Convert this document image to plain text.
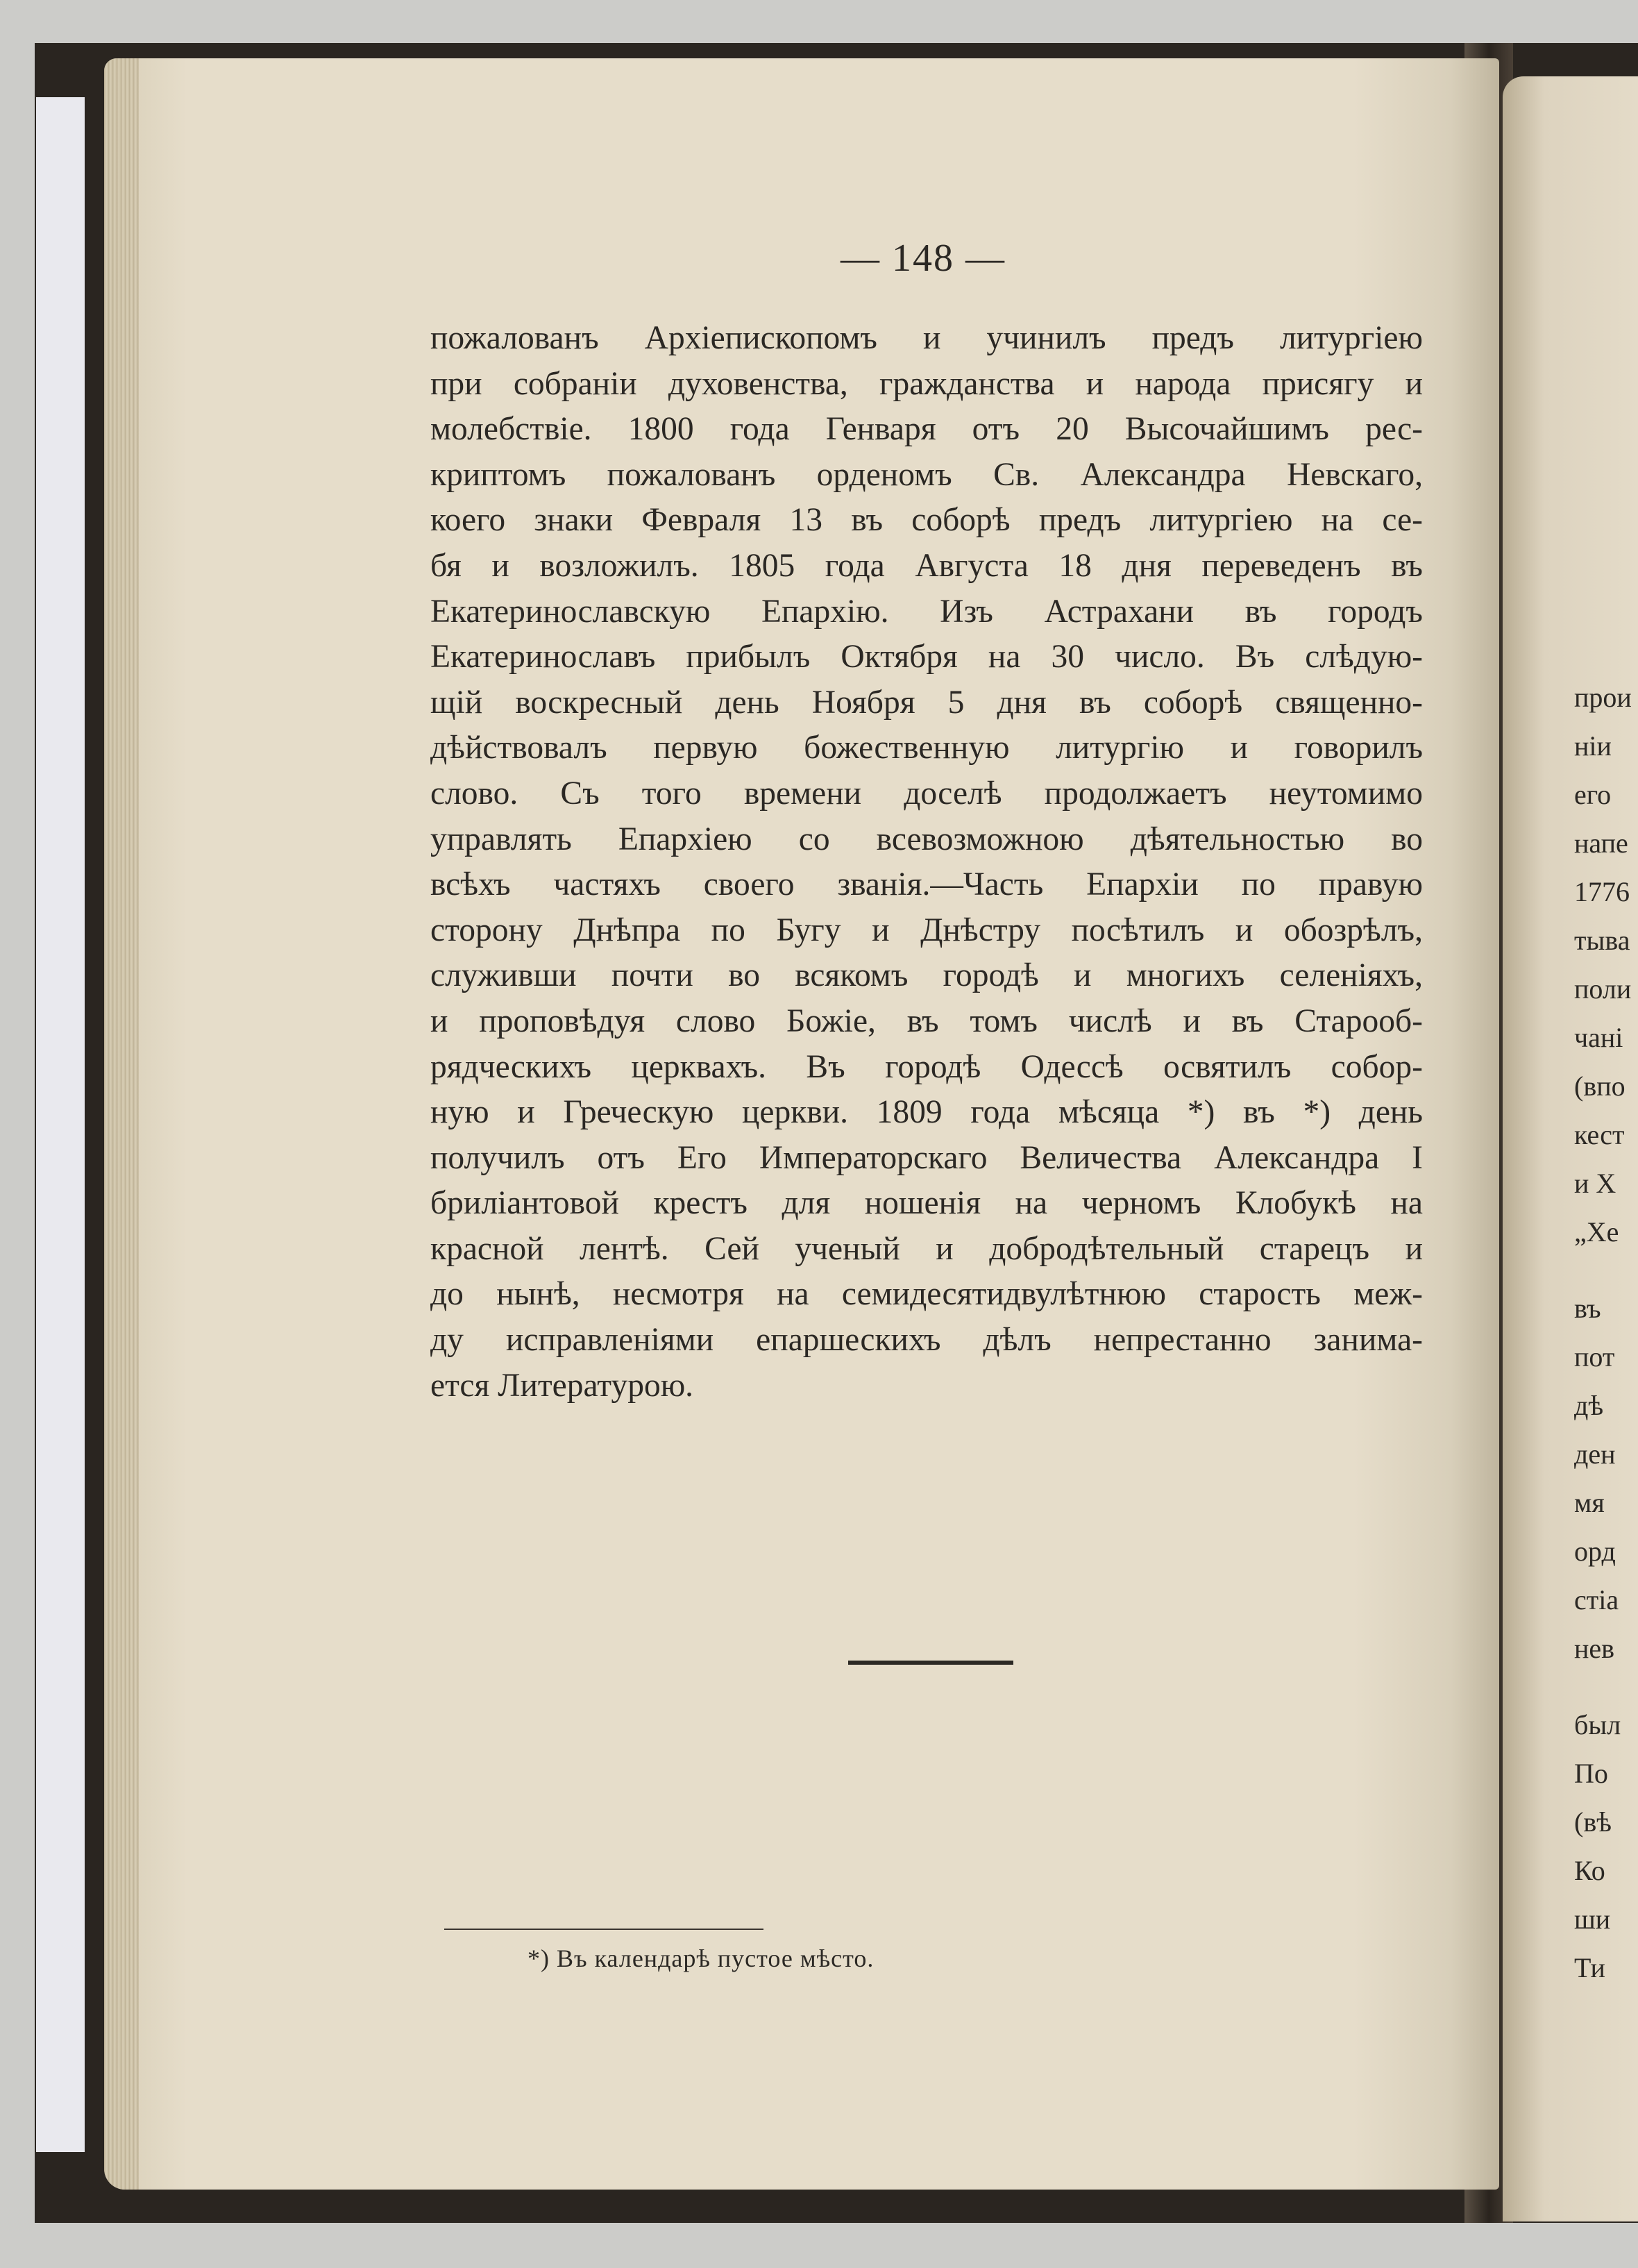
— 148 —
пожалованъ Архіепископомъ и учинилъ предъ литургіею
при собраніи духовенства, гражданства и народа присягу и
молебствіе. 1800 года Генваря отъ 20 Высочайшимъ рес-
криптомъ пожалованъ орденомъ Св. Александра Невскаго,
коего знаки Февраля 13 въ соборѣ предъ литургіею на се-
бя и возложилъ. 1805 года Августа 18 дня переведенъ въ
Екатеринославскую Епархію. Изъ Астрахани въ городъ
Екатеринославъ прибылъ Октября на 30 число. Въ слѣдую-
щій воскресный день Ноября 5 дня въ соборѣ священно-
дѣйствовалъ первую божественную литургію и говорилъ
слово. Съ того времени доселѣ продолжаетъ неутомимо
управлять Епархіею со всевозможною дѣятельностью во
всѣхъ частяхъ своего званія.—Часть Епархіи по правую
сторону Днѣпра по Бугу и Днѣстру посѣтилъ и обозрѣлъ,
служивши почти во всякомъ городѣ и многихъ селеніяхъ,
и проповѣдуя слово Божіе, въ томъ числѣ и въ Старооб-
рядческихъ церквахъ. Въ городѣ Одессѣ освятилъ собор-
ную и Греческую церкви. 1809 года мѣсяца *) въ *) день
получилъ отъ Его Императорскаго Величества Александра I
бриліантовой крестъ для ношенія на черномъ Клобукѣ на
красной лентѣ. Сей ученый и добродѣтельный старецъ и
до нынѣ, несмотря на семидесятидвулѣтнюю старость меж-
ду исправленіями епаршескихъ дѣлъ непрестанно занима-
ется Литературою.
*) Въ календарѣ пустое мѣсто.
прои
ніи
его
напе
1776
тыва
поли
чані
(впо
кест
и Х
„Хе
въ
пот
дѣ
ден
мя
орд
стіа
нев
был
По
(вѣ
Ко
ши
Ти
